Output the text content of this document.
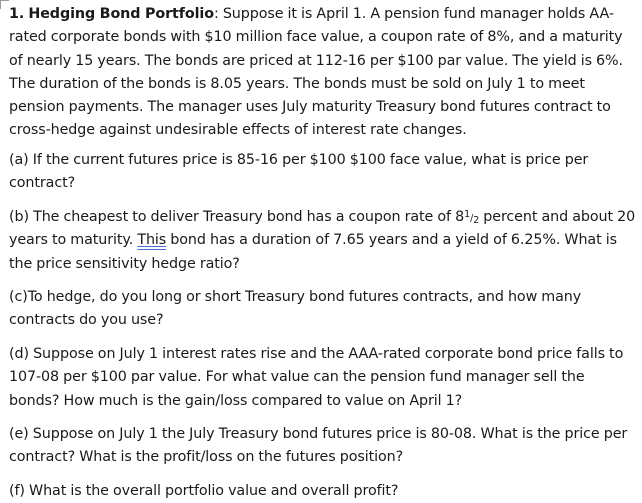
1. Hedging Bond Portfolio: Suppose it is April 1. A pension fund manager holds AA-rated corporate bonds with $10 million face value, a coupon rate of 8%, and a maturity of nearly 15 years. The bonds are priced at 112-16 per $100 par value. The yield is 6%. The duration of the bonds is 8.05 years. The bonds must be sold on July 1 to meet pension payments. The manager uses July maturity Treasury bond futures contract to cross-hedge against undesirable effects of interest rate changes.

(a) If the current futures price is 85-16 per $100 $100 face value, what is price per contract?

(b) The cheapest to deliver Treasury bond has a coupon rate of $8^1/_2$ percent and about 20 years to maturity. This bond has a duration of 7.65 years and a yield of 6.25%. What is the price sensitivity hedge ratio?

(c)To hedge, do you long or short Treasury bond futures contracts, and how many contracts do you use?

(d) Suppose on July 1 interest rates rise and the AAA-rated corporate bond price falls to 107-08 per $100 par value. For what value can the pension fund manager sell the bonds? How much is the gain/loss compared to value on April 1?

(e) Suppose on July 1 the July Treasury bond futures price is 80-08. What is the price per contract? What is the profit/loss on the futures position?

(f) What is the overall portfolio value and overall profit?
